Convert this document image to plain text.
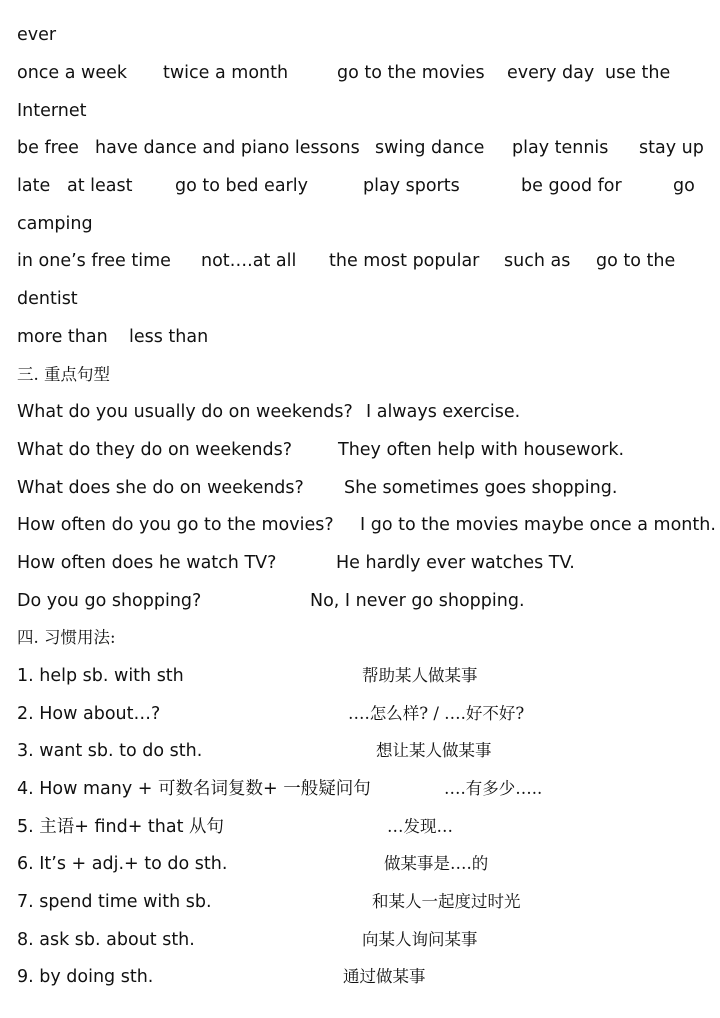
ever
once a week twice a month	go to the movies every day use the
Internet
be free have dance and piano lessons swing dance play tennis stay up
late at least go to bed early	play sports	be good for	go
camping
in one’s free time not….at all the most popular such as go to the
dentist
more than less than
三. 重点句型
What do you usually do on weekends? I always exercise.
What do they do on weekends?	They often help with housework.
What does she do on weekends? She sometimes goes shopping.
How often do you go to the movies? I go to the movies maybe once a month.
How often does he watch TV?	He hardly ever watches TV.
Do you go shopping?	No, I never go shopping.
四. 习惯用法:
1. help sb. with sth	帮助某人做某事
2. How about…?	….怎么样? / ….好不好?
3. want sb. to do sth.	想让某人做某事
4. How many + 可数名词复数+ 一般疑问句	….有多少…..
5. 主语+ find+ that 从句	…发现…
6. It’s + adj.+ to do sth.	做某事是….的
7. spend time with sb.	和某人一起度过时光
8. ask sb. about sth.	向某人询问某事
9. by doing sth.	通过做某事
